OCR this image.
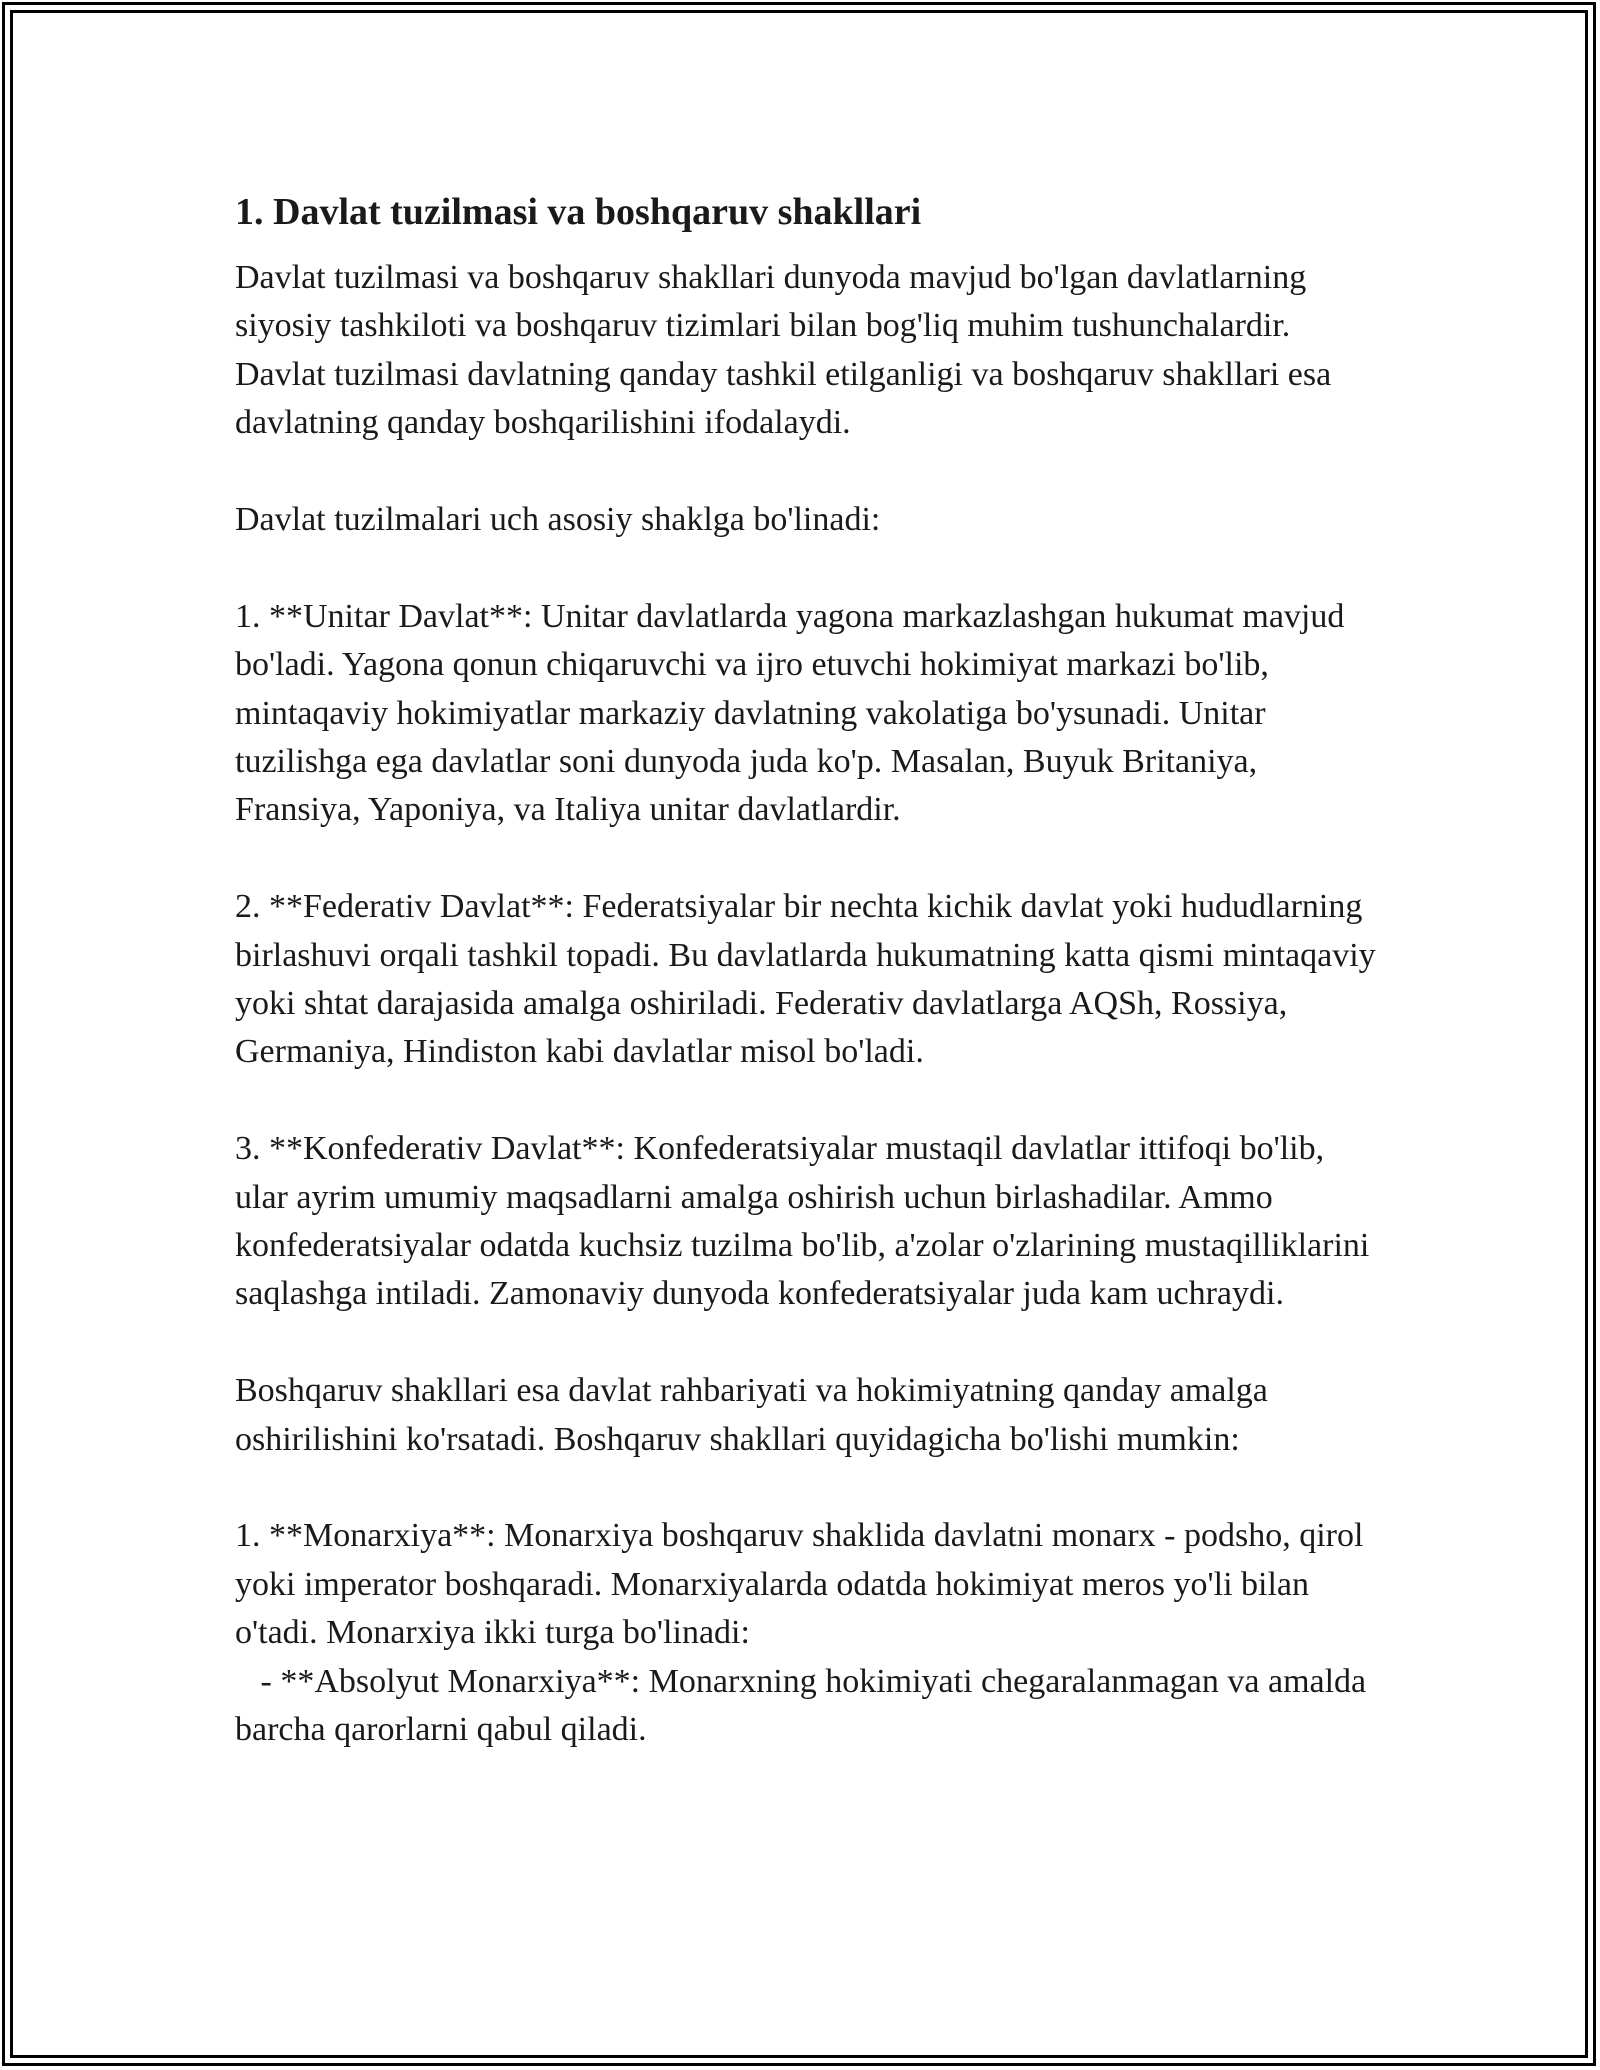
1. Davlat tuzilmasi va boshqaruv shakllari

Davlat tuzilmasi va boshqaruv shakllari dunyoda mavjud bo'lgan davlatlarning siyosiy tashkiloti va boshqaruv tizimlari bilan bog'liq muhim tushunchalardir. Davlat tuzilmasi davlatning qanday tashkil etilganligi va boshqaruv shakllari esa davlatning qanday boshqarilishini ifodalaydi.

Davlat tuzilmalari uch asosiy shaklga bo'linadi:

1. **Unitar Davlat**: Unitar davlatlarda yagona markazlashgan hukumat mavjud bo'ladi. Yagona qonun chiqaruvchi va ijro etuvchi hokimiyat markazi bo'lib, mintaqaviy hokimiyatlar markaziy davlatning vakolatiga bo'ysunadi. Unitar tuzilishga ega davlatlar soni dunyoda juda ko'p. Masalan, Buyuk Britaniya, Fransiya, Yaponiya, va Italiya unitar davlatlardir.

2. **Federativ Davlat**: Federatsiyalar bir nechta kichik davlat yoki hududlarning birlashuvi orqali tashkil topadi. Bu davlatlarda hukumatning katta qismi mintaqaviy yoki shtat darajasida amalga oshiriladi. Federativ davlatlarga AQSh, Rossiya, Germaniya, Hindiston kabi davlatlar misol bo'ladi.

3. **Konfederativ Davlat**: Konfederatsiyalar mustaqil davlatlar ittifoqi bo'lib, ular ayrim umumiy maqsadlarni amalga oshirish uchun birlashadilar. Ammo konfederatsiyalar odatda kuchsiz tuzilma bo'lib, a'zolar o'zlarining mustaqilliklarini saqlashga intiladi. Zamonaviy dunyoda konfederatsiyalar juda kam uchraydi.

Boshqaruv shakllari esa davlat rahbariyati va hokimiyatning qanday amalga oshirilishini ko'rsatadi. Boshqaruv shakllari quyidagicha bo'lishi mumkin:

1. **Monarxiya**: Monarxiya boshqaruv shaklida davlatni monarx - podsho, qirol yoki imperator boshqaradi. Monarxiyalarda odatda hokimiyat meros yo'li bilan o'tadi. Monarxiya ikki turga bo'linadi:
- **Absolyut Monarxiya**: Monarxning hokimiyati chegaralanmagan va amalda barcha qarorlarni qabul qiladi.
